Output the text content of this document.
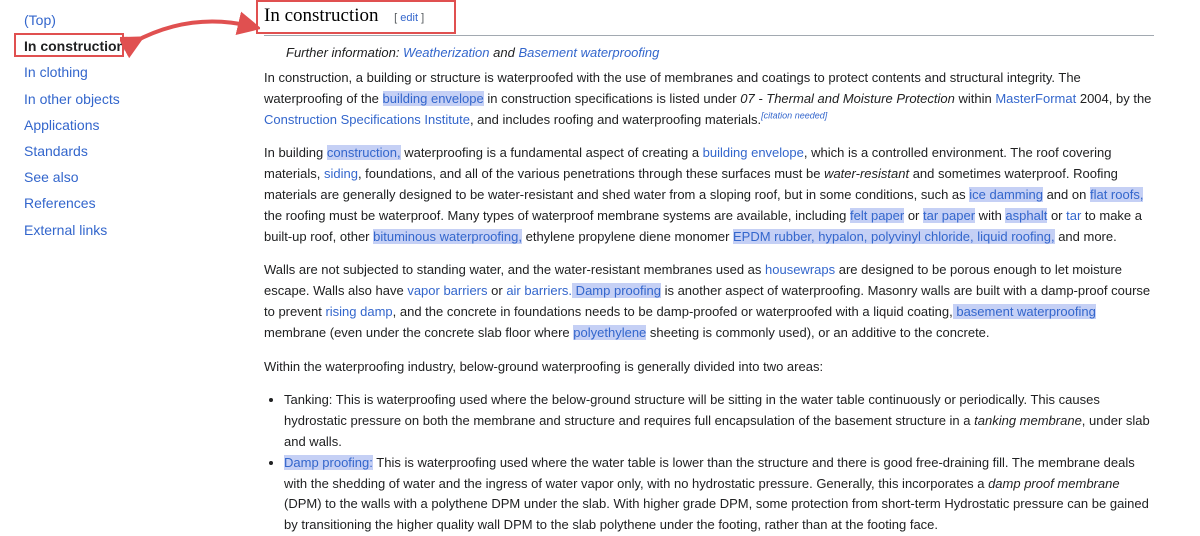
(Top)
In construction
In clothing
In other objects
Applications
Standards
See also
References
External links
In construction [ edit ]
Further information: Weatherization and Basement waterproofing

In construction, a building or structure is waterproofed with the use of membranes and coatings to protect contents and structural integrity. The waterproofing of the building envelope in construction specifications is listed under 07 - Thermal and Moisture Protection within MasterFormat 2004, by the Construction Specifications Institute, and includes roofing and waterproofing materials.[citation needed]

In building construction, waterproofing is a fundamental aspect of creating a building envelope, which is a controlled environment. The roof covering materials, siding, foundations, and all of the various penetrations through these surfaces must be water-resistant and sometimes waterproof. Roofing materials are generally designed to be water-resistant and shed water from a sloping roof, but in some conditions, such as ice damming and on flat roofs, the roofing must be waterproof. Many types of waterproof membrane systems are available, including felt paper or tar paper with asphalt or tar to make a built-up roof, other bituminous waterproofing, ethylene propylene diene monomer EPDM rubber, hypalon, polyvinyl chloride, liquid roofing, and more.

Walls are not subjected to standing water, and the water-resistant membranes used as housewraps are designed to be porous enough to let moisture escape. Walls also have vapor barriers or air barriers. Damp proofing is another aspect of waterproofing. Masonry walls are built with a damp-proof course to prevent rising damp, and the concrete in foundations needs to be damp-proofed or waterproofed with a liquid coating, basement waterproofing membrane (even under the concrete slab floor where polyethylene sheeting is commonly used), or an additive to the concrete.

Within the waterproofing industry, below-ground waterproofing is generally divided into two areas:

• Tanking: This is waterproofing used where the below-ground structure will be sitting in the water table continuously or periodically. This causes hydrostatic pressure on both the membrane and structure and requires full encapsulation of the basement structure in a tanking membrane, under slab and walls.
• Damp proofing: This is waterproofing used where the water table is lower than the structure and there is good free-draining fill. The membrane deals with the shedding of water and the ingress of water vapor only, with no hydrostatic pressure. Generally, this incorporates a damp proof membrane (DPM) to the walls with a polythene DPM under the slab. With higher grade DPM, some protection from short-term Hydrostatic pressure can be gained by transitioning the higher quality wall DPM to the slab polythene under the footing, rather than at the footing face.
